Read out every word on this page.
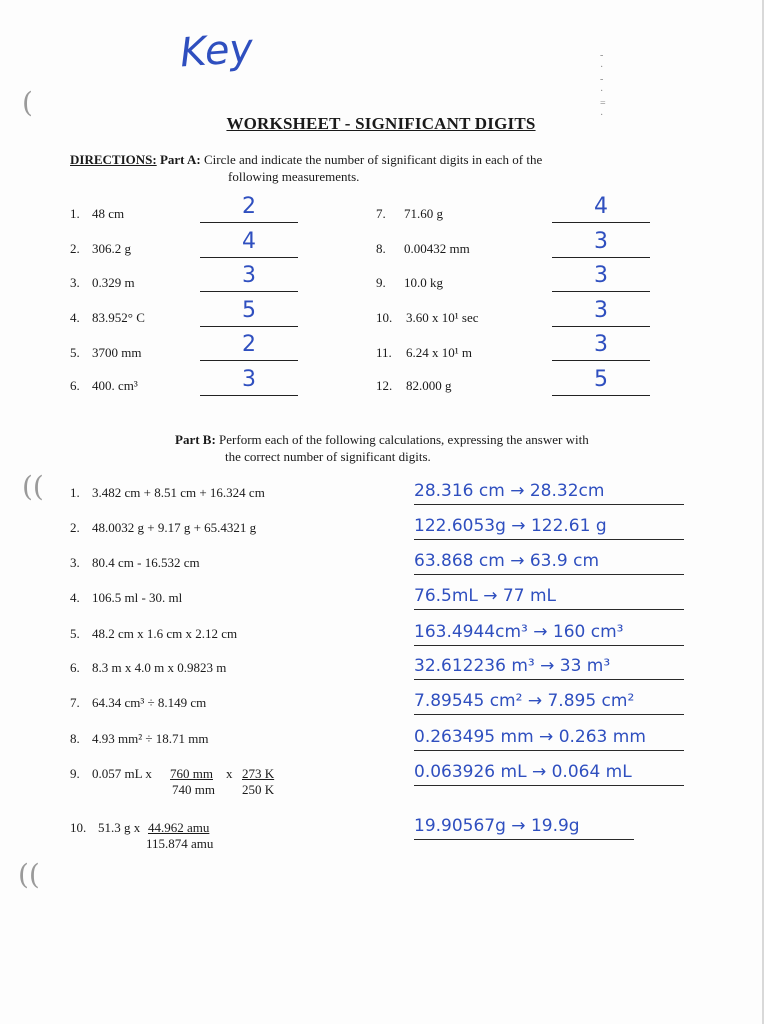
(
((
((
-
·
-
·
=
·
Key
WORKSHEET - SIGNIFICANT DIGITS
DIRECTIONS: Part A: Circle and indicate the number of significant digits in each of the
following measurements.
1. 48 cm
2. 306.2 g
3. 0.329 m
4. 83.952° C
5. 3700 mm
6. 400. cm³
2
4
3
5
2
3
7. 71.60 g
8. 0.00432 mm
9. 10.0 kg
10. 3.60 x 10¹ sec
11. 6.24 x 10¹ m
12. 82.000 g
4
3
3
3
3
5
Part B: Perform each of the following calculations, expressing the answer with
the correct number of significant digits.
1. 3.482 cm + 8.51 cm + 16.324 cm
2. 48.0032 g + 9.17 g + 65.4321 g
3. 80.4 cm - 16.532 cm
4. 106.5 ml - 30. ml
5. 48.2 cm x 1.6 cm x 2.12 cm
6. 8.3 m x 4.0 m x 0.9823 m
7. 64.34 cm³ ÷ 8.149 cm
8. 4.93 mm² ÷ 18.71 mm
9. 0.057 mL x
10. 51.3 g x
760 mm
740 mm
x 273 K
250 K
44.962 amu
115.874 amu
28.316 cm → 28.32cm
122.6053g → 122.61 g
63.868 cm → 63.9 cm
76.5mL → 77 mL
163.4944cm³ → 160 cm³
32.612236 m³ → 33 m³
7.89545 cm² → 7.895 cm²
0.263495 mm → 0.263 mm
0.063926 mL → 0.064 mL
19.90567g → 19.9g
